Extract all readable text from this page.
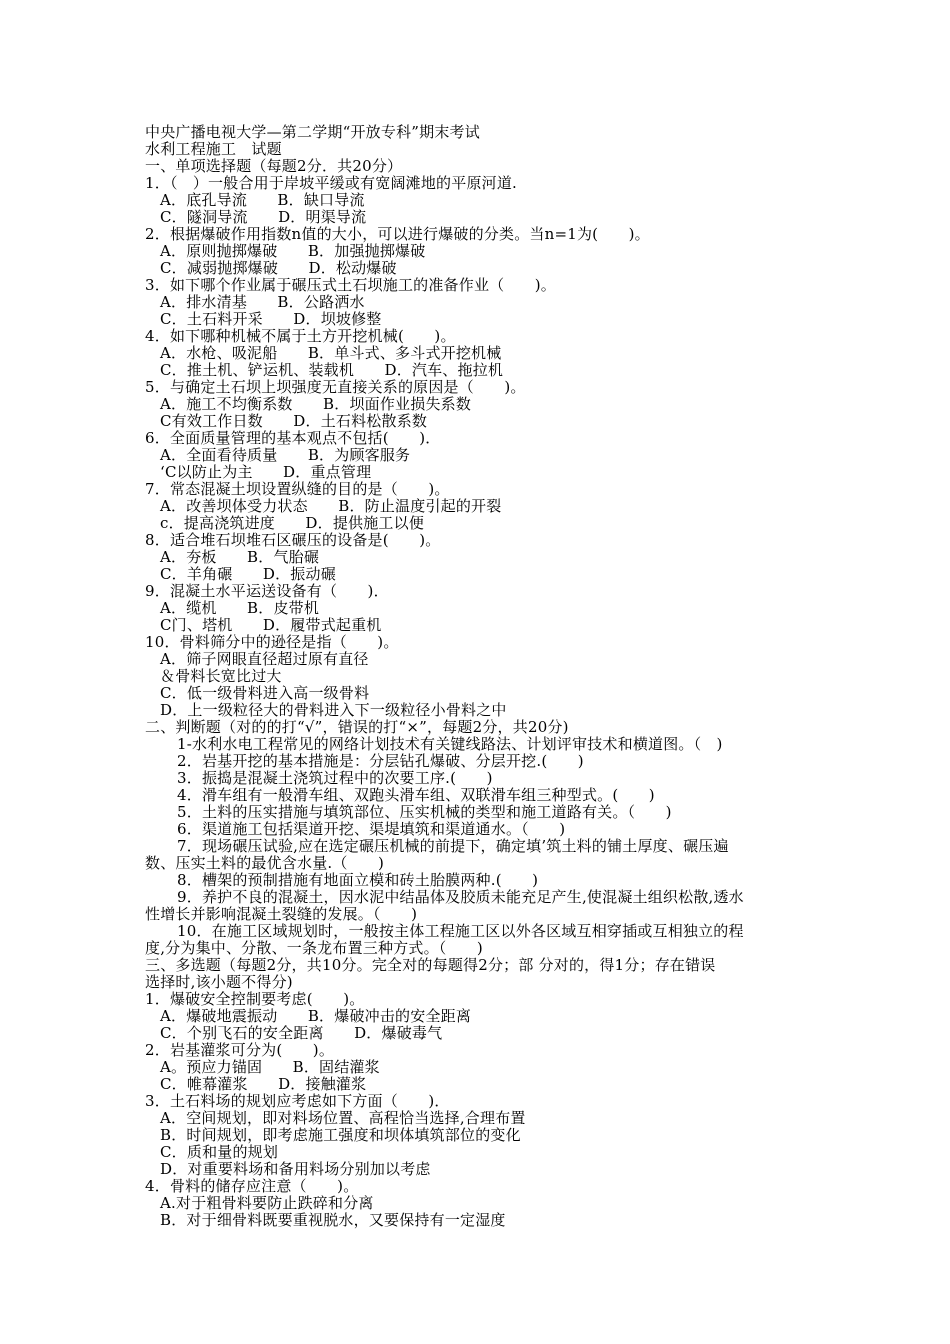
中央广播电视大学—第二学期“开放专科”期末考试
水利工程施工　试题
一、单项选择题（每题2分．共20分）
1．（　）一般合用于岸坡平缓或有宽阔滩地的平原河道.
A．底孔导流　　B．缺口导流
C．隧洞导流　　D．明渠导流
2．根据爆破作用指数n值的大小，可以进行爆破的分类。当n=1为(　　)。
A．原则抛掷爆破　　B．加强抛掷爆破
C．减弱抛掷爆破　　D．松动爆破
3．如下哪个作业属于碾压式土石坝施工的准备作业（　　)。
A．排水清基　　B．公路洒水
C．土石料开采　　D．坝坡修整
4．如下哪种机械不属于土方开挖机械(　　)。
A．水枪、吸泥船　　B．单斗式、多斗式开挖机械
C．推土机、铲运机、装载机　　D．汽车、拖拉机
5．与确定土石坝上坝强度无直接关系的原因是（　　)。
A．施工不均衡系数　　B．坝面作业损失系数
C有效工作日数　　D．土石料松散系数
6．全面质量管理的基本观点不包括(　　)．
A．全面看待质量　　B．为顾客服务
‘C以防止为主　　D．重点管理
7．常态混凝土坝设置纵缝的目的是（　　)。
A．改善坝体受力状态　　B．防止温度引起的开裂
c．提高浇筑进度　　D．提供施工以便
8．适合堆石坝堆石区碾压的设备是(　　)。
A．夯板　　B．气胎碾
C．羊角碾　　D．振动碾
9．混凝土水平运送设备有（　　)．
A．缆机　　B．皮带机
C门、塔机　　D．履带式起重机
10．骨料筛分中的逊径是指（　　)。
A．筛子网眼直径超过原有直径
＆骨料长宽比过大
C．低一级骨料进入高一级骨料
D．上一级粒径大的骨料进入下一级粒径小骨料之中
二、判断题（对的的打“√”，错误的打“×”，每题2分，共20分)
1-水利水电工程常见的网络计划技术有关键线路法、计划评审技术和横道图。（　)
2．岩基开挖的基本措施是：分层钻孔爆破、分层开挖.(　　)
3．振捣是混凝土浇筑过程中的次要工序.(　　)
4．滑车组有一般滑车组、双跑头滑车组、双联滑车组三种型式。(　　)
5．土料的压实措施与填筑部位、压实机械的类型和施工道路有关。（　　)
6．渠道施工包括渠道开挖、渠堤填筑和渠道通水。（　　)
7．现场碾压试验,应在选定碾压机械的前提下，确定填’筑土料的铺土厚度、碾压遍
数、压实土料的最优含水量.（　　)
8．槽架的预制措施有地面立模和砖土胎膜两种.(　　)
9．养护不良的混凝土，因水泥中结晶体及胶质未能充足产生,使混凝土组织松散,透水
性增长并影响混凝土裂缝的发展。（　　)
10．在施工区域规划时，一般按主体工程施工区以外各区域互相穿插或互相独立的程
度,分为集中、分散、一条龙布置三种方式。（　　)
三、多选题（每题2分，共10分。完全对的每题得2分；部 分对的，得1分；存在错误
选择时,该小题不得分)
1．爆破安全控制要考虑(　　)。
A．爆破地震振动　　B．爆破冲击的安全距离
C．个别飞石的安全距离　　D．爆破毒气
2．岩基灌浆可分为(　　)。
A。预应力锚固　　B．固结灌浆
C．帷幕灌浆　　D．接触灌浆
3．土石料场的规划应考虑如下方面（　　)．
A．空间规划，即对料场位置、高程恰当选择,合理布置
B．时间规划，即考虑施工强度和坝体填筑部位的变化
C．质和量的规划
D．对重要料场和备用料场分别加以考虑
4．骨料的储存应注意（　　)。
A.对于粗骨料要防止跌碎和分离
B．对于细骨料既要重视脱水，又要保持有一定湿度
